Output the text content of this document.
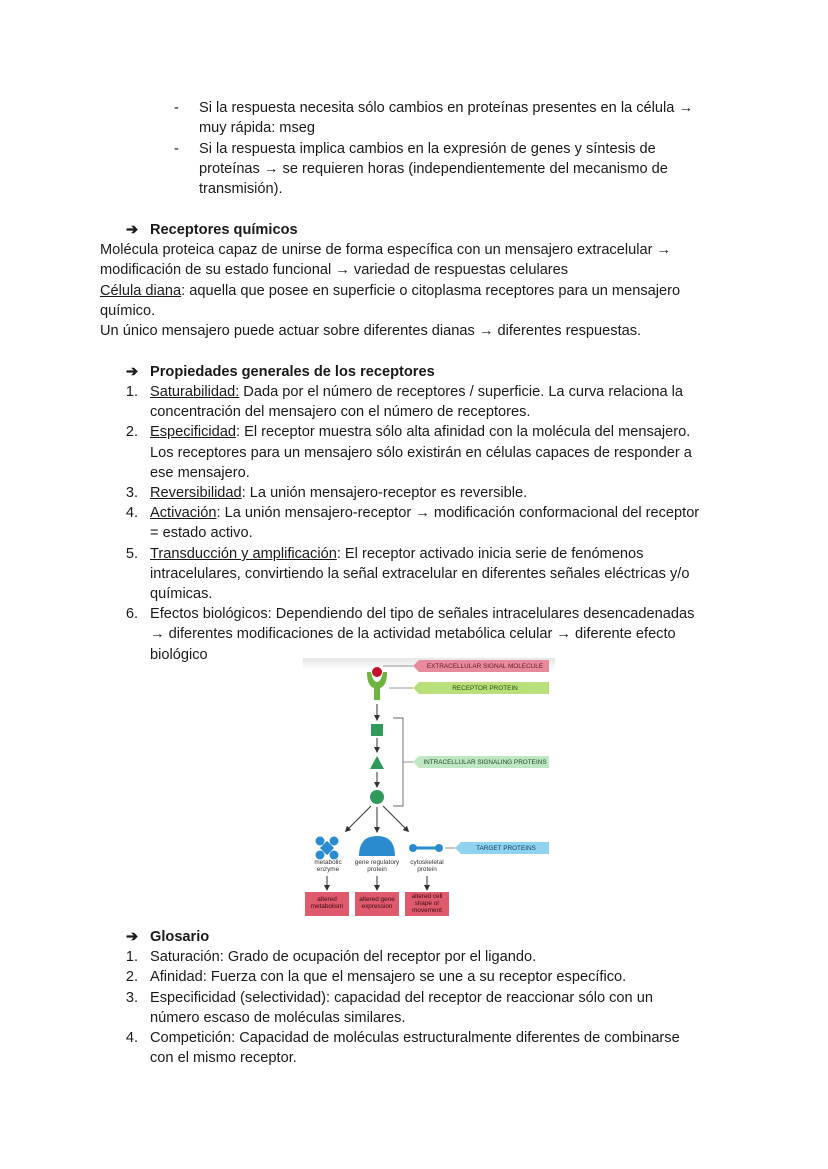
- Si la respuesta necesita sólo cambios en proteínas presentes en la célula →
muy rápida: mseg
- Si la respuesta implica cambios en la expresión de genes y síntesis de
proteínas → se requieren horas (independientemente del mecanismo de
transmisión).
➔ Receptores químicos
Molécula proteica capaz de unirse de forma específica con un mensajero extracelular →
modificación de su estado funcional → variedad de respuestas celulares
Célula diana: aquella que posee en superficie o citoplasma receptores para un mensajero
químico.
Un único mensajero puede actuar sobre diferentes dianas → diferentes respuestas.
➔ Propiedades generales de los receptores
1. Saturabilidad: Dada por el número de receptores / superficie. La curva relaciona la
concentración del mensajero con el número de receptores.
2. Especificidad: El receptor muestra sólo alta afinidad con la molécula del mensajero.
Los receptores para un mensajero sólo existirán en células capaces de responder a
ese mensajero.
3. Reversibilidad: La unión mensajero-receptor es reversible.
4. Activación: La unión mensajero-receptor → modificación conformacional del receptor
= estado activo.
5. Transducción y amplificación: El receptor activado inicia serie de fenómenos
intracelulares, convirtiendo la señal extracelular en diferentes señales eléctricas y/o
químicas.
6. Efectos biológicos: Dependiendo del tipo de señales intracelulares desencadenadas
→ diferentes modificaciones de la actividad metabólica celular → diferente efecto
biológico
EXTRACELLULAR SIGNAL MOLECULE
RECEPTOR PROTEIN
INTRACELLULAR SIGNALING PROTEINS
TARGET PROTEINS
metabolic
enzyme
gene regulatory
protein
cytoskeletal
protein
altered
metabolism
altered gene
expression
altered cell
shape or
movement
➔ Glosario
1. Saturación: Grado de ocupación del receptor por el ligando.
2. Afinidad: Fuerza con la que el mensajero se une a su receptor específico.
3. Especificidad (selectividad): capacidad del receptor de reaccionar sólo con un
número escaso de moléculas similares.
4. Competición: Capacidad de moléculas estructuralmente diferentes de combinarse
con el mismo receptor.
